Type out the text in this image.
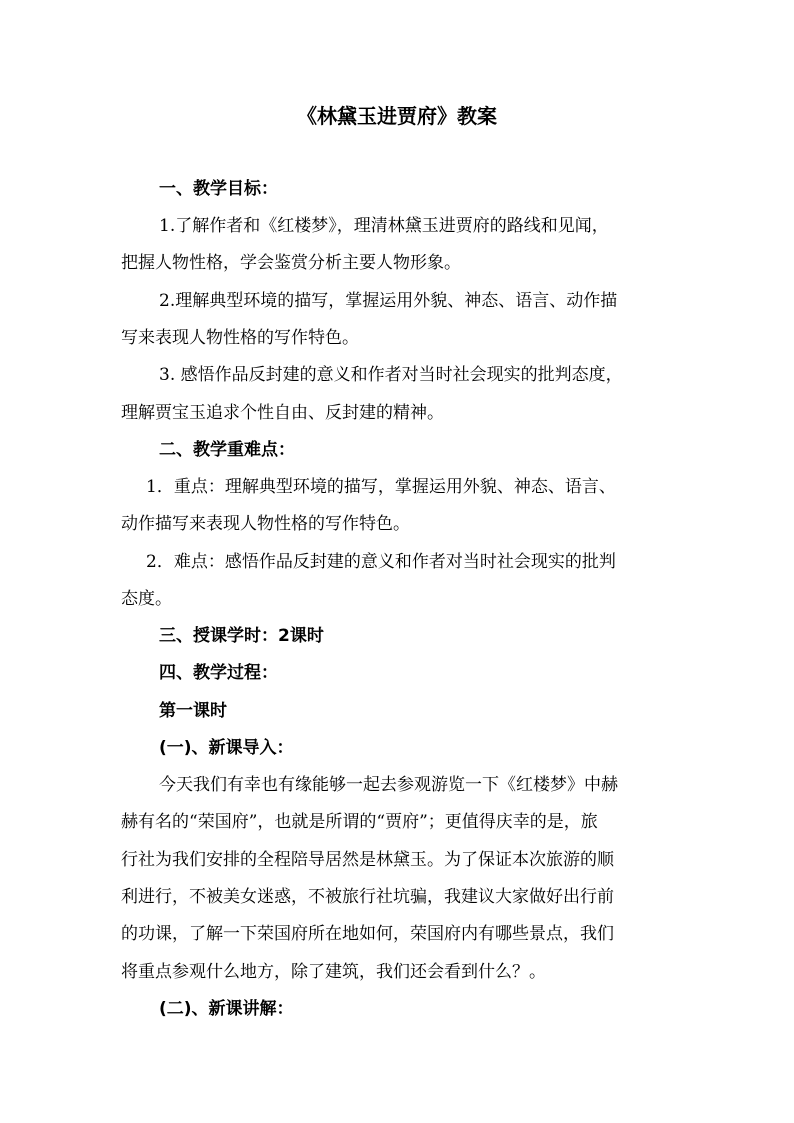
《林黛玉进贾府》教案
一、教学目标：
1.了解作者和《红楼梦》，理清林黛玉进贾府的路线和见闻，
把握人物性格，学会鉴赏分析主要人物形象。
2.理解典型环境的描写，掌握运用外貌、神态、语言、动作描
写来表现人物性格的写作特色。
3. 感悟作品反封建的意义和作者对当时社会现实的批判态度，
理解贾宝玉追求个性自由、反封建的精神。
二、教学重难点：
1．重点：理解典型环境的描写，掌握运用外貌、神态、语言、
动作描写来表现人物性格的写作特色。
2．难点：感悟作品反封建的意义和作者对当时社会现实的批判
态度。
三、授课学时：2课时
四、教学过程：
第一课时
(一)、新课导入：
今天我们有幸也有缘能够一起去参观游览一下《红楼梦》中赫
赫有名的“荣国府”，也就是所谓的“贾府”；更值得庆幸的是，旅
行社为我们安排的全程陪导居然是林黛玉。为了保证本次旅游的顺
利进行，不被美女迷惑，不被旅行社坑骗，我建议大家做好出行前
的功课，了解一下荣国府所在地如何，荣国府内有哪些景点，我们
将重点参观什么地方，除了建筑，我们还会看到什么？。
(二)、新课讲解：
